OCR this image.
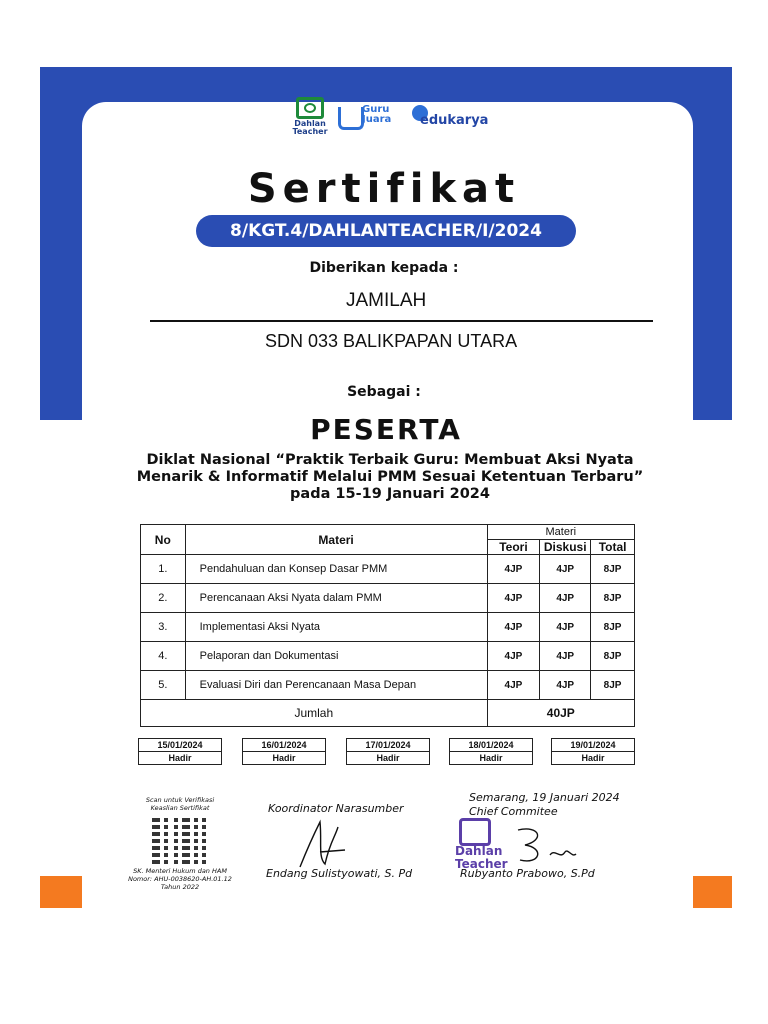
Dahlan Teacher
Guru Juara	edukarya
Sertifikat
8/KGT.4/DAHLANTEACHER/I/2024
Diberikan kepada :
JAMILAH
SDN 033 BALIKPAPAN UTARA
Sebagai :
PESERTA
Diklat Nasional “Praktik Terbaik Guru: Membuat Aksi Nyata
Menarik & Informatif Melalui PMM Sesuai Ketentuan Terbaru”
pada 15-19 Januari 2024
No	Materi	Materi		
		Teori	Diskusi	Total
1.	Pendahuluan dan Konsep Dasar PMM	4JP	4JP	8JP
2.	Perencanaan Aksi Nyata dalam PMM	4JP	4JP	8JP
3.	Implementasi Aksi Nyata	4JP	4JP	8JP
4.	Pelaporan dan Dokumentasi	4JP	4JP	8JP
5.	Evaluasi Diri dan Perencanaan Masa Depan	4JP	4JP	8JP
Jumlah		40JP		
15/01/2024
Hadir
16/01/2024
Hadir
17/01/2024
Hadir
18/01/2024
Hadir
19/01/2024
Hadir
Scan untuk Verifikasi Keaslian Sertifikat
SK. Menteri Hukum dan HAM
Nomor: AHU-0038620-AH.01.12
Tahun 2022
Koordinator Narasumber
Endang Sulistyowati, S. Pd
Semarang, 19 Januari 2024
Chief Commitee
Dahlan
Teacher
Rubyanto Prabowo, S.Pd
